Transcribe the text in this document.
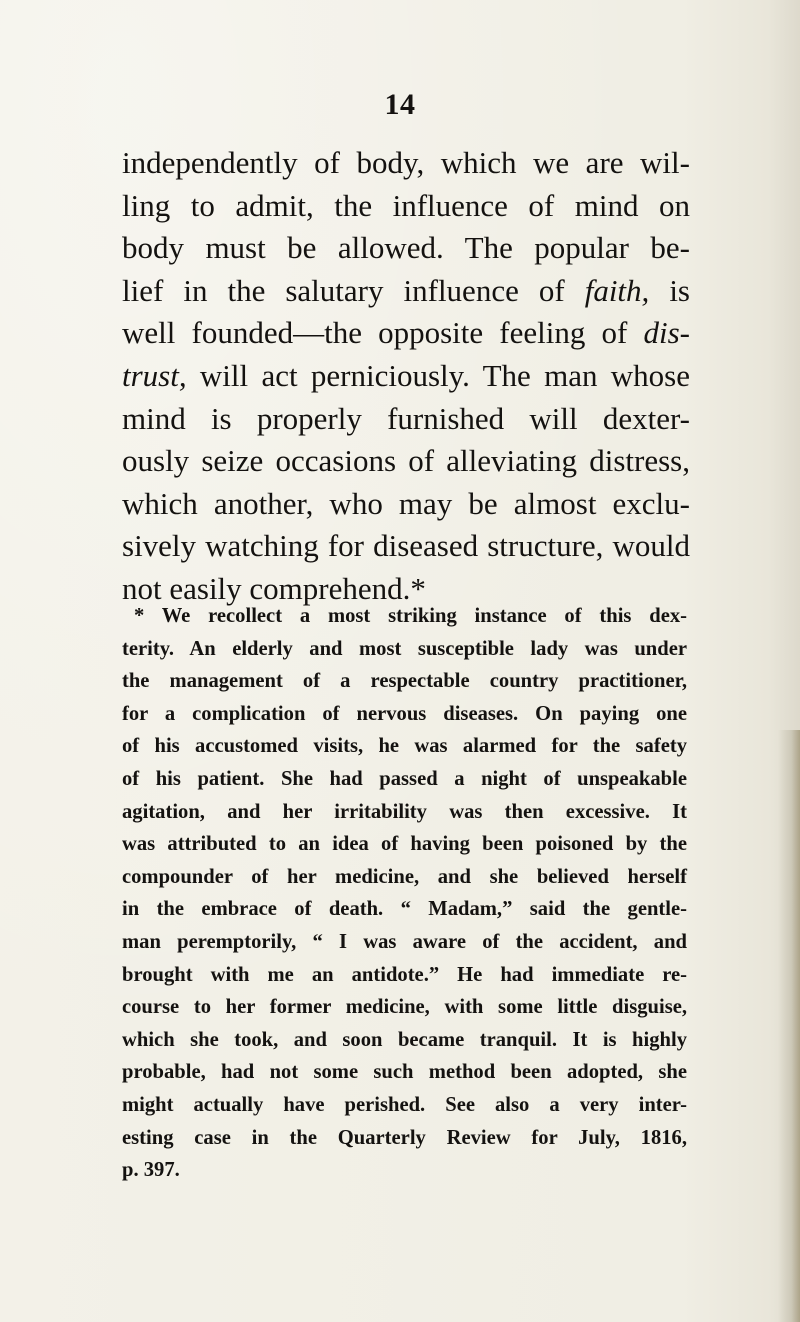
14
independently of body, which we are wil-
ling to admit, the influence of mind on
body must be allowed. The popular be-
lief in the salutary influence of faith, is
well founded—the opposite feeling of dis-
trust, will act perniciously. The man whose
mind is properly furnished will dexter-
ously seize occasions of alleviating distress,
which another, who may be almost exclu-
sively watching for diseased structure, would
not easily comprehend.*
* We recollect a most striking instance of this dex-
terity. An elderly and most susceptible lady was under
the management of a respectable country practitioner,
for a complication of nervous diseases. On paying one
of his accustomed visits, he was alarmed for the safety
of his patient. She had passed a night of unspeakable
agitation, and her irritability was then excessive. It
was attributed to an idea of having been poisoned by the
compounder of her medicine, and she believed herself
in the embrace of death. “ Madam,” said the gentle-
man peremptorily, “ I was aware of the accident, and
brought with me an antidote.” He had immediate re-
course to her former medicine, with some little disguise,
which she took, and soon became tranquil. It is highly
probable, had not some such method been adopted, she
might actually have perished. See also a very inter-
esting case in the Quarterly Review for July, 1816,
p. 397.
